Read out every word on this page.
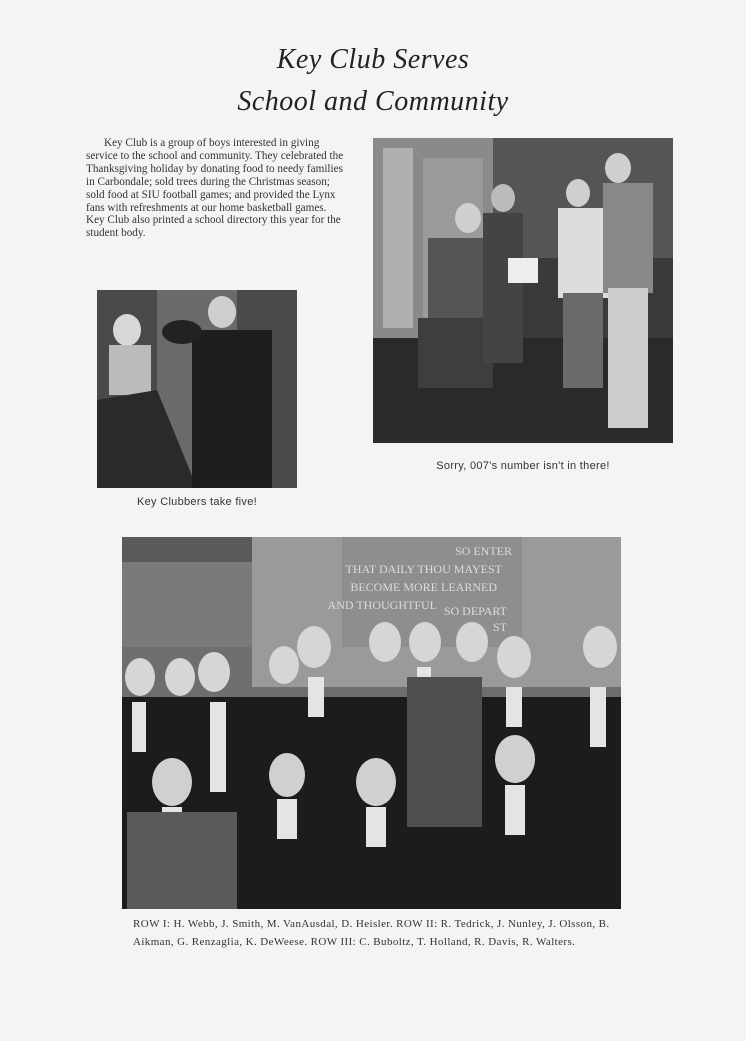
Key Club Serves
School and Community
Key Club is a group of boys interested in giving service to the school and community. They celebrated the Thanksgiving holiday by donating food to needy families in Carbondale; sold trees during the Christmas season; sold food at SIU football games; and provided the Lynx fans with refreshments at our home basketball games. Key Club also printed a school directory this year for the student body.
Key Clubbers take five!
Sorry, 007's number isn't in there!
SO ENTER
THAT DAILY THOU MAYEST
BECOME MORE LEARNED
AND THOUGHTFUL SO DEPART
ST
ROW I: H. Webb, J. Smith, M. VanAusdal, D. Heisler. ROW II: R. Tedrick, J. Nunley, J. Olsson, B. Aikman, G. Renzaglia, K. DeWeese. ROW III: C. Buboltz, T. Holland, R. Davis, R. Walters.
